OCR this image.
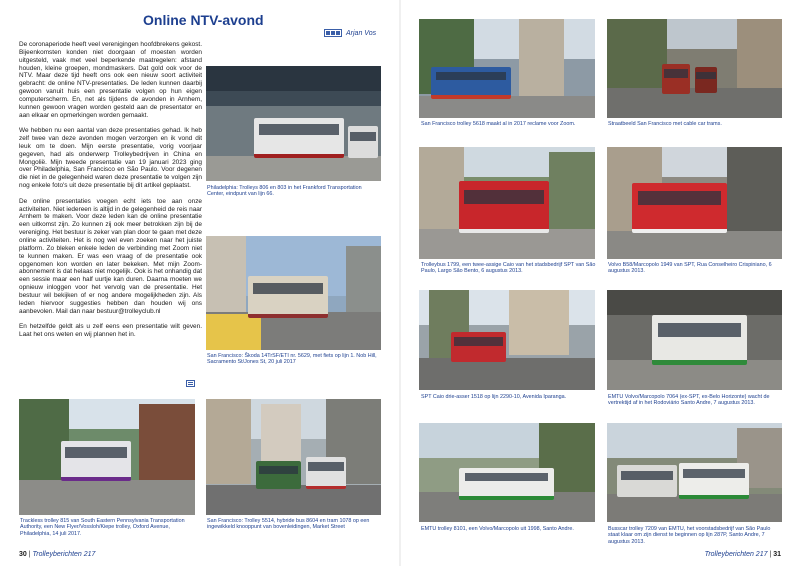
Online NTV-avond
Arjan Vos

De coronaperiode heeft veel verenigingen hoofdbrekens gekost. Bijeenkomsten konden niet doorgaan of moesten worden uitgesteld, vaak met veel beperkende maatregelen: afstand houden, kleine groepen, mondmaskers. Dat gold ook voor de NTV. Maar deze tijd heeft ons ook een nieuw soort activiteit gebracht: de online NTV-presentaties. De leden kunnen daarbij gewoon vanuit huis een presentatie volgen op hun eigen computerscherm. En, net als tijdens de avonden in Arnhem, kunnen gewoon vragen worden gesteld aan de presentator en aan elkaar en opmerkingen worden gemaakt.

We hebben nu een aantal van deze presentaties gehad. Ik heb zelf twee van deze avonden mogen verzorgen en ik vond dit leuk om te doen. Mijn eerste presentatie, vorig voorjaar gegeven, had als onderwerp Trolleybedrijven in China en Mongolië. Mijn tweede presentatie van 19 januari 2023 ging over Philadelphia, San Francisco en São Paulo. Voor degenen die niet in de gelegenheid waren deze presentatie te volgen zijn nog enkele foto's uit deze presentatie bij dit artikel geplaatst.

De online presentaties voegen echt iets toe aan onze activiteiten. Niet iedereen is altijd in de gelegenheid de reis naar Arnhem te maken. Voor deze leden kan de online presentatie een uitkomst zijn. Zo kunnen zij ook meer betrokken zijn bij de vereniging. Het bestuur is zeker van plan door te gaan met deze online activiteiten. Het is nog wel even zoeken naar het juiste platform. Zo bleken enkele leden de verbinding met Zoom niet te kunnen maken. Er was een vraag of de presentatie ook opgenomen kon worden en later bekeken. Met mijn Zoom-abonnement is dat helaas niet mogelijk. Ook is het onhandig dat een sessie maar een half uurtje kan duren. Daarna moeten we opnieuw inloggen voor het vervolg van de presentatie. Het bestuur wil bekijken of er nog andere mogelijkheden zijn. Als leden hiervoor suggesties hebben dan houden wij ons aanbevolen. Mail dan naar bestuur@trolleyclub.nl

En hetzelfde geldt als u zelf eens een presentatie wilt geven. Laat het ons weten en wij plannen het in.

Philadelphia: Trolleys 806 en 803 in het Frankford Transportation Center, eindpunt van lijn 66.
San Francisco: Škoda 14TrSF/ETI nr. 5629, met fiets op lijn 1. Nob Hill, Sacramento St/Jones St, 20 juli 2017
Trackless trolley 815 van South Eastern Pennsylvania Transportation Authority, een New Flyer/Vossloh/Kiepe trolley, Oxford Avenue, Philadelphia, 14 juli 2017.
San Francisco: Trolley 5514, hybride bus 8604 en tram 1078 op een ingewikkeld knooppunt van bovenleidingen, Market Street
30 | Trolleyberichten 217
San Francisco trolley 5618 maakt al in 2017 reclame voor Zoom.	Straatbeeld San Francisco met cable car trams.
Trolleybus 1799, een twee-assige Caio van het stadsbedrijf SPT van São Paulo, Largo São Bento, 6 augustus 2013.
Volvo B58/Marcopolo 1949 van SPT, Rua Conselheiro Crispiniano, 6 augustus 2013.
SPT Caio drie-asser 1518 op lijn 2290-10, Avenida Iparanga.	EMTU Volvo/Marcopolo 7064 (ex-SPT, ex-Belo Horizonte) wacht de vertrektijd af in het Rodoviário Santo Andre, 7 augustus 2013.
EMTU trolley 8101, een Volvo/Marcopolo uit 1998, Santo Andre.	Busscar trolley 7209 van EMTU, het voorstadsbedrijf van São Paulo staat klaar om zijn dienst te beginnen op lijn 287P, Santo Andre, 7 augustus 2013.
Trolleyberichten 217 | 31
